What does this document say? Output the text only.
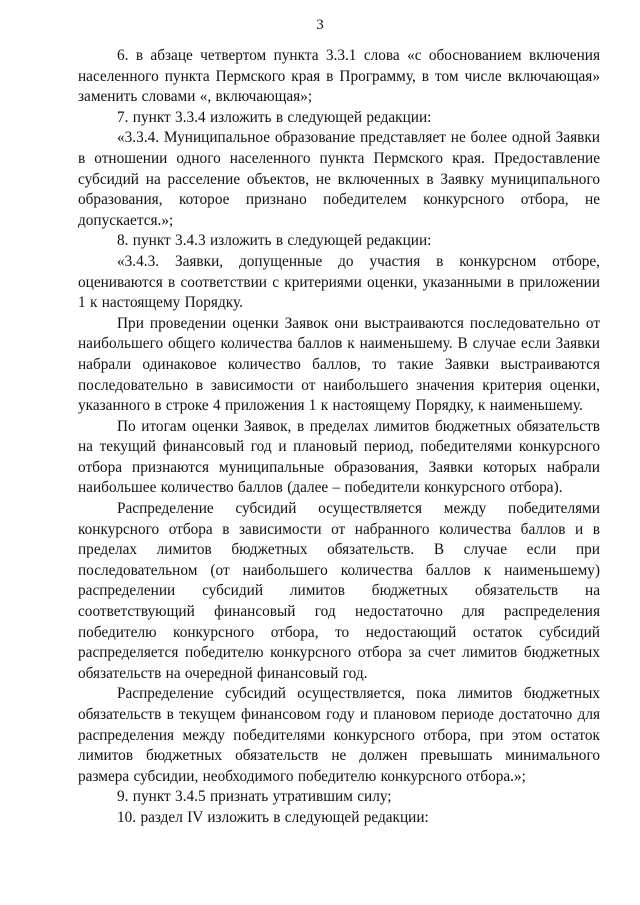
3

6. в абзаце четвертом пункта 3.3.1 слова «с обоснованием включения населенного пункта Пермского края в Программу, в том числе включающая» заменить словами «, включающая»;

7. пункт 3.3.4 изложить в следующей редакции:

«3.3.4. Муниципальное образование представляет не более одной Заявки в отношении одного населенного пункта Пермского края. Предоставление субсидий на расселение объектов, не включенных в Заявку муниципального образования, которое признано победителем конкурсного отбора, не допускается.»;

8. пункт 3.4.3 изложить в следующей редакции:

«3.4.3. Заявки, допущенные до участия в конкурсном отборе, оцениваются в соответствии с критериями оценки, указанными в приложении 1 к настоящему Порядку.

При проведении оценки Заявок они выстраиваются последовательно от наибольшего общего количества баллов к наименьшему. В случае если Заявки набрали одинаковое количество баллов, то такие Заявки выстраиваются последовательно в зависимости от наибольшего значения критерия оценки, указанного в строке 4 приложения 1 к настоящему Порядку, к наименьшему.

По итогам оценки Заявок, в пределах лимитов бюджетных обязательств на текущий финансовый год и плановый период, победителями конкурсного отбора признаются муниципальные образования, Заявки которых набрали наибольшее количество баллов (далее – победители конкурсного отбора).

Распределение субсидий осуществляется между победителями конкурсного отбора в зависимости от набранного количества баллов и в пределах лимитов бюджетных обязательств. В случае если при последовательном (от наибольшего количества баллов к наименьшему) распределении субсидий лимитов бюджетных обязательств на соответствующий финансовый год недостаточно для распределения победителю конкурсного отбора, то недостающий остаток субсидий распределяется победителю конкурсного отбора за счет лимитов бюджетных обязательств на очередной финансовый год.

Распределение субсидий осуществляется, пока лимитов бюджетных обязательств в текущем финансовом году и плановом периоде достаточно для распределения между победителями конкурсного отбора, при этом остаток лимитов бюджетных обязательств не должен превышать минимального размера субсидии, необходимого победителю конкурсного отбора.»;

9. пункт 3.4.5 признать утратившим силу;

10. раздел IV изложить в следующей редакции:
